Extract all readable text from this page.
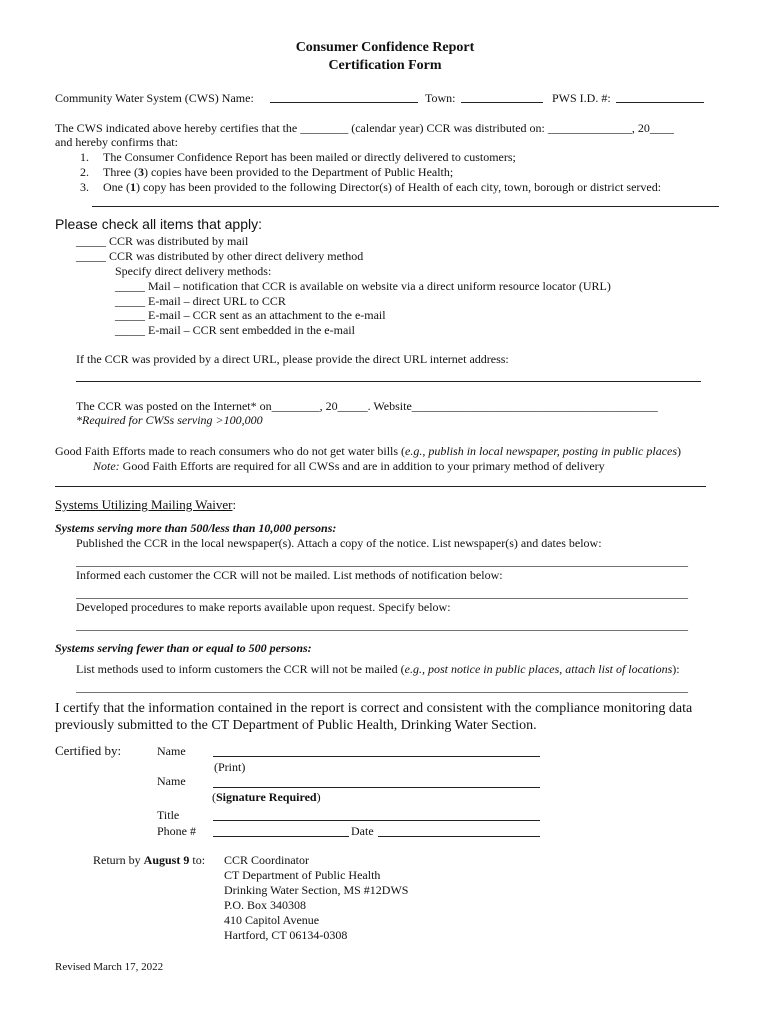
Consumer Confidence Report
Certification Form
Community Water System (CWS) Name:	Town:	PWS I.D. #:
The CWS indicated above hereby certifies that the ________ (calendar year) CCR was distributed on: ______________, 20____
and hereby confirms that:
1. The Consumer Confidence Report has been mailed or directly delivered to customers;
2. Three (3) copies have been provided to the Department of Public Health;
3. One (1) copy has been provided to the following Director(s) of Health of each city, town, borough or district served:
Please check all items that apply:
_____ CCR was distributed by mail
_____ CCR was distributed by other direct delivery method
Specify direct delivery methods:
_____ Mail – notification that CCR is available on website via a direct uniform resource locator (URL)
_____ E-mail – direct URL to CCR
_____ E-mail – CCR sent as an attachment to the e-mail
_____ E-mail – CCR sent embedded in the e-mail
If the CCR was provided by a direct URL, please provide the direct URL internet address:
The CCR was posted on the Internet* on________, 20_____. Website_________________________________________
*Required for CWSs serving >100,000
Good Faith Efforts made to reach consumers who do not get water bills (e.g., publish in local newspaper, posting in public places)
Note: Good Faith Efforts are required for all CWSs and are in addition to your primary method of delivery
Systems Utilizing Mailing Waiver:
Systems serving more than 500/less than 10,000 persons:
Published the CCR in the local newspaper(s). Attach a copy of the notice. List newspaper(s) and dates below:
______________________________________________________________________________________________________
Informed each customer the CCR will not be mailed. List methods of notification below:
______________________________________________________________________________________________________
Developed procedures to make reports available upon request. Specify below:
______________________________________________________________________________________________________
Systems serving fewer than or equal to 500 persons:
List methods used to inform customers the CCR will not be mailed (e.g., post notice in public places, attach list of locations):
______________________________________________________________________________________________________
I certify that the information contained in the report is correct and consistent with the compliance monitoring data
previously submitted to the CT Department of Public Health, Drinking Water Section.
Certified by:	Name
(Print)
Name
(Signature Required)
Title
Phone #	Date
Return by August 9 to: CCR Coordinator
CT Department of Public Health
Drinking Water Section, MS #12DWS
P.O. Box 340308
410 Capitol Avenue
Hartford, CT 06134-0308
Revised March 17, 2022
